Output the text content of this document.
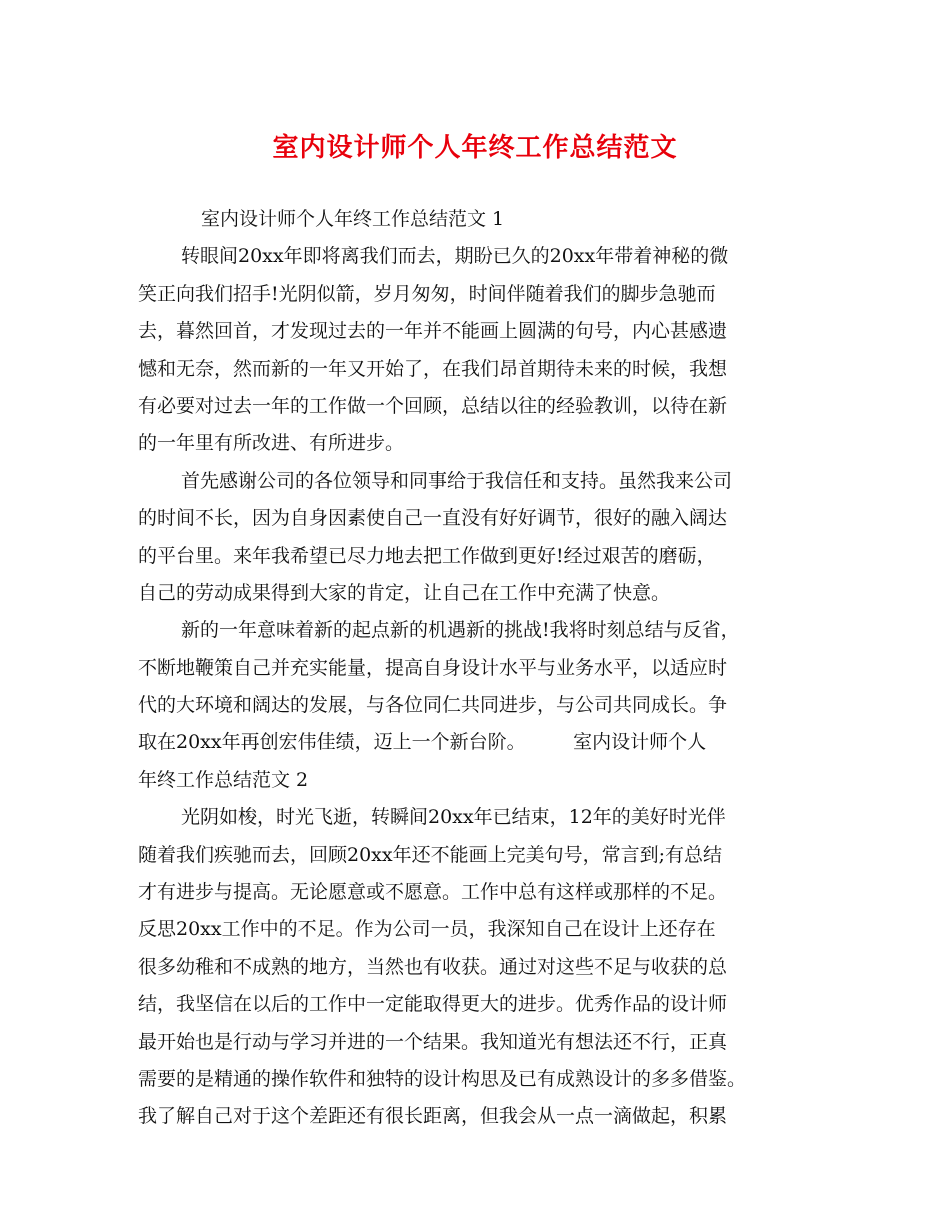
室内设计师个人年终工作总结范文
室内设计师个人年终工作总结范文 1
转眼间20xx年即将离我们而去，期盼已久的20xx年带着神秘的微
笑正向我们招手!光阴似箭，岁月匆匆，时间伴随着我们的脚步急驰而
去，暮然回首，才发现过去的一年并不能画上圆满的句号，内心甚感遗
憾和无奈，然而新的一年又开始了，在我们昂首期待未来的时候，我想
有必要对过去一年的工作做一个回顾，总结以往的经验教训，以待在新
的一年里有所改进、有所进步。
首先感谢公司的各位领导和同事给于我信任和支持。虽然我来公司
的时间不长，因为自身因素使自己一直没有好好调节，很好的融入阔达
的平台里。来年我希望已尽力地去把工作做到更好!经过艰苦的磨砺，
自己的劳动成果得到大家的肯定，让自己在工作中充满了快意。
新的一年意味着新的起点新的机遇新的挑战!我将时刻总结与反省，
不断地鞭策自己并充实能量，提高自身设计水平与业务水平，以适应时
代的大环境和阔达的发展，与各位同仁共同进步，与公司共同成长。争
取在20xx年再创宏伟佳绩，迈上一个新台阶。　　　室内设计师个人
年终工作总结范文 2
光阴如梭，时光飞逝，转瞬间20xx年已结束，12年的美好时光伴
随着我们疾驰而去，回顾20xx年还不能画上完美句号，常言到;有总结
才有进步与提高。无论愿意或不愿意。工作中总有这样或那样的不足。
反思20xx工作中的不足。作为公司一员，我深知自己在设计上还存在
很多幼稚和不成熟的地方，当然也有收获。通过对这些不足与收获的总
结，我坚信在以后的工作中一定能取得更大的进步。优秀作品的设计师
最开始也是行动与学习并进的一个结果。我知道光有想法还不行，正真
需要的是精通的操作软件和独特的设计构思及已有成熟设计的多多借鉴。
我了解自己对于这个差距还有很长距离，但我会从一点一滴做起，积累
